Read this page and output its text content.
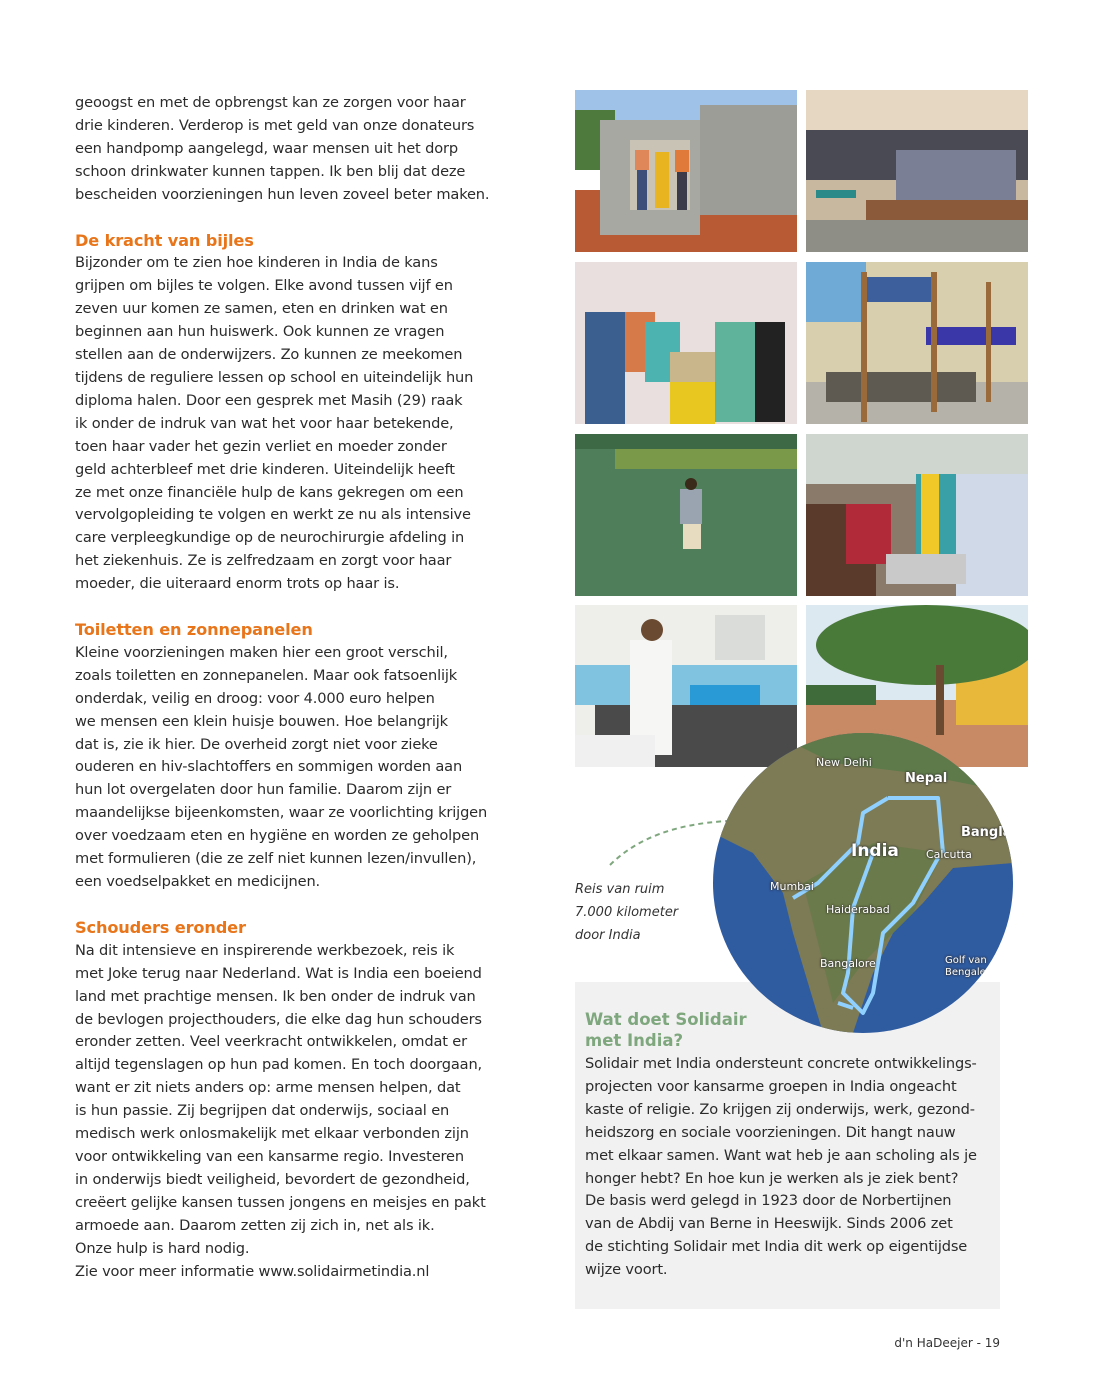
geoogst en met de opbrengst kan ze zorgen voor haar
drie kinderen. Verderop is met geld van onze donateurs
een handpomp aangelegd, waar mensen uit het dorp
schoon drinkwater kunnen tappen. Ik ben blij dat deze
bescheiden voorzieningen hun leven zoveel beter maken.

De kracht van bijles

Bijzonder om te zien hoe kinderen in India de kans
grijpen om bijles te volgen. Elke avond tussen vijf en
zeven uur komen ze samen, eten en drinken wat en
beginnen aan hun huiswerk. Ook kunnen ze vragen
stellen aan de onderwijzers. Zo kunnen ze meekomen
tijdens de reguliere lessen op school en uiteindelijk hun
diploma halen. Door een gesprek met Masih (29) raak
ik onder de indruk van wat het voor haar betekende,
toen haar vader het gezin verliet en moeder zonder
geld achterbleef met drie kinderen. Uiteindelijk heeft
ze met onze financiële hulp de kans gekregen om een
vervolgopleiding te volgen en werkt ze nu als intensive
care verpleegkundige op de neurochirurgie afdeling in
het ziekenhuis. Ze is zelfredzaam en zorgt voor haar
moeder, die uiteraard enorm trots op haar is.

Toiletten en zonnepanelen

Kleine voorzieningen maken hier een groot verschil,
zoals toiletten en zonnepanelen. Maar ook fatsoenlijk
onderdak, veilig en droog: voor 4.000 euro helpen
we mensen een klein huisje bouwen. Hoe belangrijk
dat is, zie ik hier. De overheid zorgt niet voor zieke
ouderen en hiv-slachtoffers en sommigen worden aan
hun lot overgelaten door hun familie. Daarom zijn er
maandelijkse bijeenkomsten, waar ze voorlichting krijgen
over voedzaam eten en hygiëne en worden ze geholpen
met formulieren (die ze zelf niet kunnen lezen/invullen),
een voedselpakket en medicijnen.

Schouders eronder

Na dit intensieve en inspirerende werkbezoek, reis ik
met Joke terug naar Nederland. Wat is India een boeiend
land met prachtige mensen. Ik ben onder de indruk van
de bevlogen projecthouders, die elke dag hun schouders
eronder zetten. Veel veerkracht ontwikkelen, omdat er
altijd tegenslagen op hun pad komen. En toch doorgaan,
want er zit niets anders op: arme mensen helpen, dat
is hun passie. Zij begrijpen dat onderwijs, sociaal en
medisch werk onlosmakelijk met elkaar verbonden zijn
voor ontwikkeling van een kansarme regio. Investeren
in onderwijs biedt veiligheid, bevordert de gezondheid,
creëert gelijke kansen tussen jongens en meisjes en pakt
armoede aan. Daarom zetten zij zich in, net als ik.
Onze hulp is hard nodig.
Zie voor meer informatie www.solidairmetindia.nl

Reis van ruim
7.000 kilometer
door India
Wat doet Solidair
met India?

Solidair met India ondersteunt concrete ontwikkelings-
projecten voor kansarme groepen in India ongeacht
kaste of religie. Zo krijgen zij onderwijs, werk, gezond-
heidszorg en sociale voorzieningen. Dit hangt nauw
met elkaar samen. Want wat heb je aan scholing als je
honger hebt? En hoe kun je werken als je ziek bent?
De basis werd gelegd in 1923 door de Norbertijnen
van de Abdij van Berne in Heeswijk. Sinds 2006 zet
de stichting Solidair met India dit werk op eigentijdse
wijze voort.

New Delhi
Nepal
India
Bangla
Calcutta
Mumbai
Haiderabad
Bangalore	Golf van
Bengale
d'n HaDeejer - 19
